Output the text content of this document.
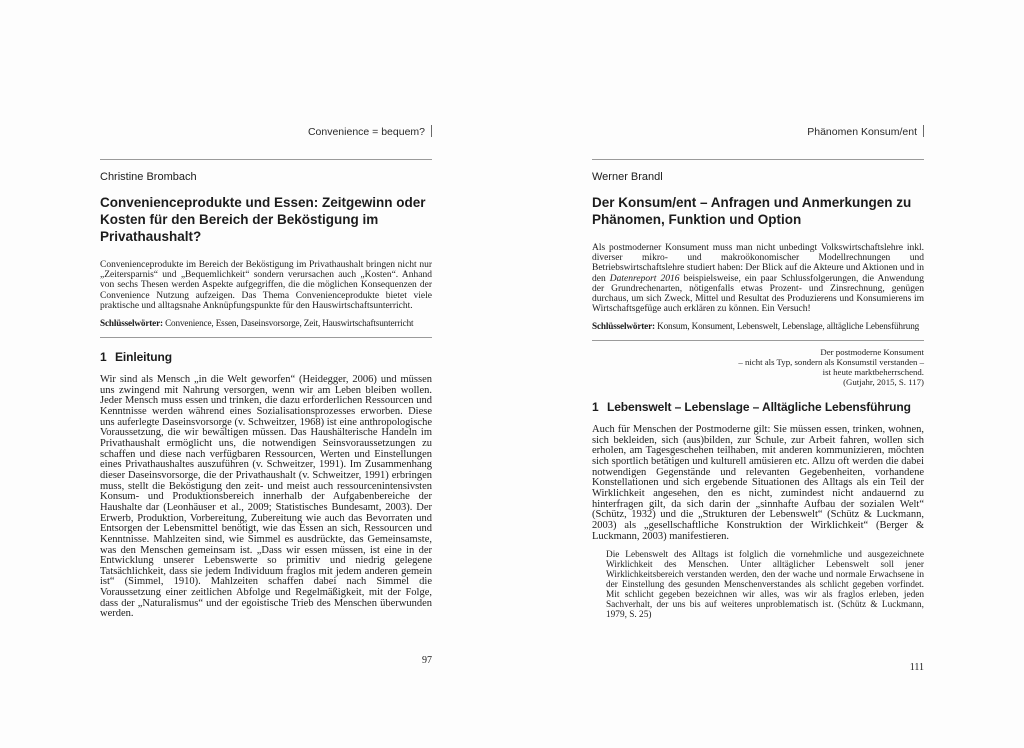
Convenience = bequem?
Christine Brombach
Convenienceprodukte und Essen: Zeitgewinn oder Kosten für den Bereich der Beköstigung im Privathaushalt?

Convenienceprodukte im Bereich der Beköstigung im Privathaushalt bringen nicht nur „Zeitersparnis“ und „Bequemlichkeit“ sondern verursachen auch „Kosten“. Anhand von sechs Thesen werden Aspekte aufgegriffen, die die möglichen Konsequenzen der Convenience Nutzung aufzeigen. Das Thema Convenienceprodukte bietet viele praktische und alltagsnahe Anknüpfungspunkte für den Hauswirtschaftsunterricht.

Schlüsselwörter: Convenience, Essen, Daseinsvorsorge, Zeit, Hauswirtschaftsunterricht

1 Einleitung

Wir sind als Mensch „in die Welt geworfen“ (Heidegger, 2006) und müssen uns zwingend mit Nahrung versorgen, wenn wir am Leben bleiben wollen. Jeder Mensch muss essen und trinken, die dazu erforderlichen Ressourcen und Kenntnisse werden während eines Sozialisationsprozesses erworben. Diese uns auferlegte Daseinsvorsorge (v. Schweitzer, 1968) ist eine anthropologische Voraussetzung, die wir bewältigen müssen. Das Haushälterische Handeln im Privathaushalt ermöglicht uns, die notwendigen Seinsvoraussetzungen zu schaffen und diese nach verfügbaren Ressourcen, Werten und Einstellungen eines Privathaushaltes auszuführen (v. Schweitzer, 1991). Im Zusammenhang dieser Daseinsvorsorge, die der Privathaushalt (v. Schweitzer, 1991) erbringen muss, stellt die Beköstigung den zeit- und meist auch ressourcenintensivsten Konsum- und Produktionsbereich innerhalb der Aufgabenbereiche der Haushalte dar (Leonhäuser et al., 2009; Statistisches Bundesamt, 2003). Der Erwerb, Produktion, Vorbereitung, Zubereitung wie auch das Bevorraten und Entsorgen der Lebensmittel benötigt, wie das Essen an sich, Ressourcen und Kenntnisse. Mahlzeiten sind, wie Simmel es ausdrückte, das Gemeinsamste, was den Menschen gemeinsam ist. „Dass wir essen müssen, ist eine in der Entwicklung unserer Lebenswerte so primitiv und niedrig gelegene Tatsächlichkeit, dass sie jedem Individuum fraglos mit jedem anderen gemein ist“ (Simmel, 1910). Mahlzeiten schaffen dabei nach Simmel die Voraussetzung einer zeitlichen Abfolge und Regelmäßigkeit, mit der Folge, dass der „Naturalismus“ und der egoistische Trieb des Menschen überwunden werden.

97
Phänomen Konsum/ent
Werner Brandl
Der Konsum/ent – Anfragen und Anmerkungen zu Phänomen, Funktion und Option

Als postmoderner Konsument muss man nicht unbedingt Volkswirtschaftslehre inkl. diverser mikro- und makroökonomischer Modellrechnungen und Betriebswirtschaftslehre studiert haben: Der Blick auf die Akteure und Aktionen und in den Datenreport 2016 beispielsweise, ein paar Schlussfolgerungen, die Anwendung der Grundrechenarten, nötigenfalls etwas Prozent- und Zinsrechnung, genügen durchaus, um sich Zweck, Mittel und Resultat des Produzierens und Konsumierens im Wirtschaftsgefüge auch erklären zu können. Ein Versuch!

Schlüsselwörter: Konsum, Konsument, Lebenswelt, Lebenslage, alltägliche Lebensführung

Der postmoderne Konsument
– nicht als Typ, sondern als Konsumstil verstanden –
ist heute marktbeherrschend.
(Gutjahr, 2015, S. 117)
1 Lebenswelt – Lebenslage – Alltägliche Lebensführung

Auch für Menschen der Postmoderne gilt: Sie müssen essen, trinken, wohnen, sich bekleiden, sich (aus)bilden, zur Schule, zur Arbeit fahren, wollen sich erholen, am Tagesgeschehen teilhaben, mit anderen kommunizieren, möchten sich sportlich betätigen und kulturell amüsieren etc. Allzu oft werden die dabei notwendigen Gegenstände und relevanten Gegebenheiten, vorhandene Konstellationen und sich ergebende Situationen des Alltags als ein Teil der Wirklichkeit angesehen, den es nicht, zumindest nicht andauernd zu hinterfragen gilt, da sich darin der „sinnhafte Aufbau der sozialen Welt“ (Schütz, 1932) und die „Strukturen der Lebenswelt“ (Schütz & Luckmann, 2003) als „gesellschaftliche Konstruktion der Wirklichkeit“ (Berger & Luckmann, 2003) manifestieren.

Die Lebenswelt des Alltags ist folglich die vornehmliche und ausgezeichnete Wirklichkeit des Menschen. Unter alltäglicher Lebenswelt soll jener Wirklichkeitsbereich verstanden werden, den der wache und normale Erwachsene in der Einstellung des gesunden Menschenverstandes als schlicht gegeben vorfindet. Mit schlicht gegeben bezeichnen wir alles, was wir als fraglos erleben, jeden Sachverhalt, der uns bis auf weiteres unproblematisch ist. (Schütz & Luckmann, 1979, S. 25)

111
